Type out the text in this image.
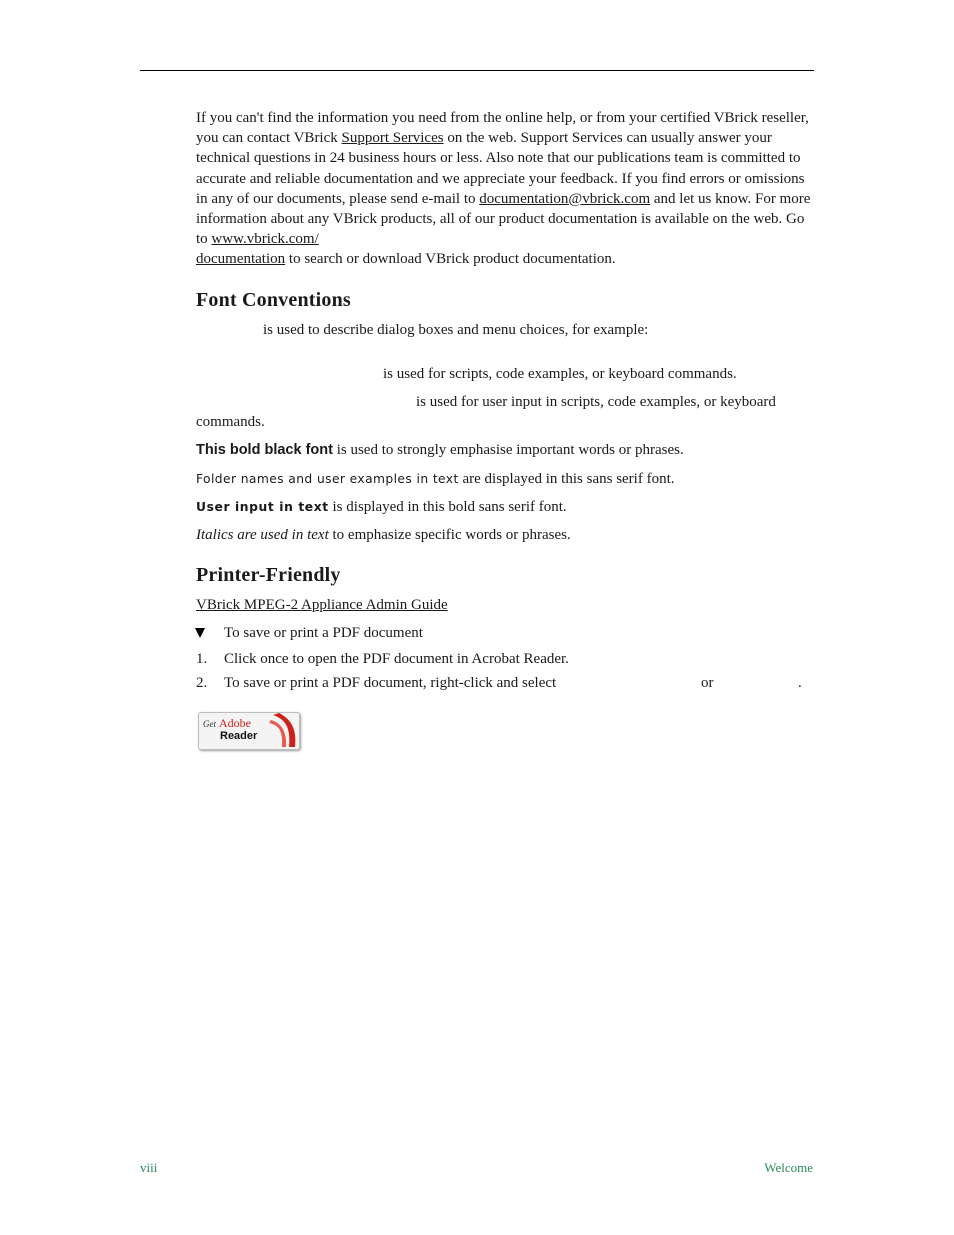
If you can't find the information you need from the online help, or from your certified VBrick reseller, you can contact VBrick Support Services on the web. Support Services can usually answer your technical questions in 24 business hours or less. Also note that our publications team is committed to accurate and reliable documentation and we appreciate your feedback. If you find errors or omissions in any of our documents, please send e-mail to documentation@vbrick.com and let us know. For more information about any VBrick products, all of our product documentation is available on the web. Go to www.vbrick.com/
documentation to search or download VBrick product documentation.

Font Conventions
is used to describe dialog boxes and menu choices, for example:
is used for scripts, code examples, or keyboard commands.
is used for user input in scripts, code examples, or keyboard
commands.
This bold black font is used to strongly emphasise important words or phrases.
Folder names and user examples in text are displayed in this sans serif font.
User input in text is displayed in this bold sans serif font.
Italics are used in text to emphasize specific words or phrases.
Printer-Friendly
VBrick MPEG-2 Appliance Admin Guide
To save or print a PDF document
1. Click once to open the PDF document in Acrobat Reader.
2. To save or print a PDF document, right-click and select	or	.
Get Adobe
Reader
viii	Welcome
